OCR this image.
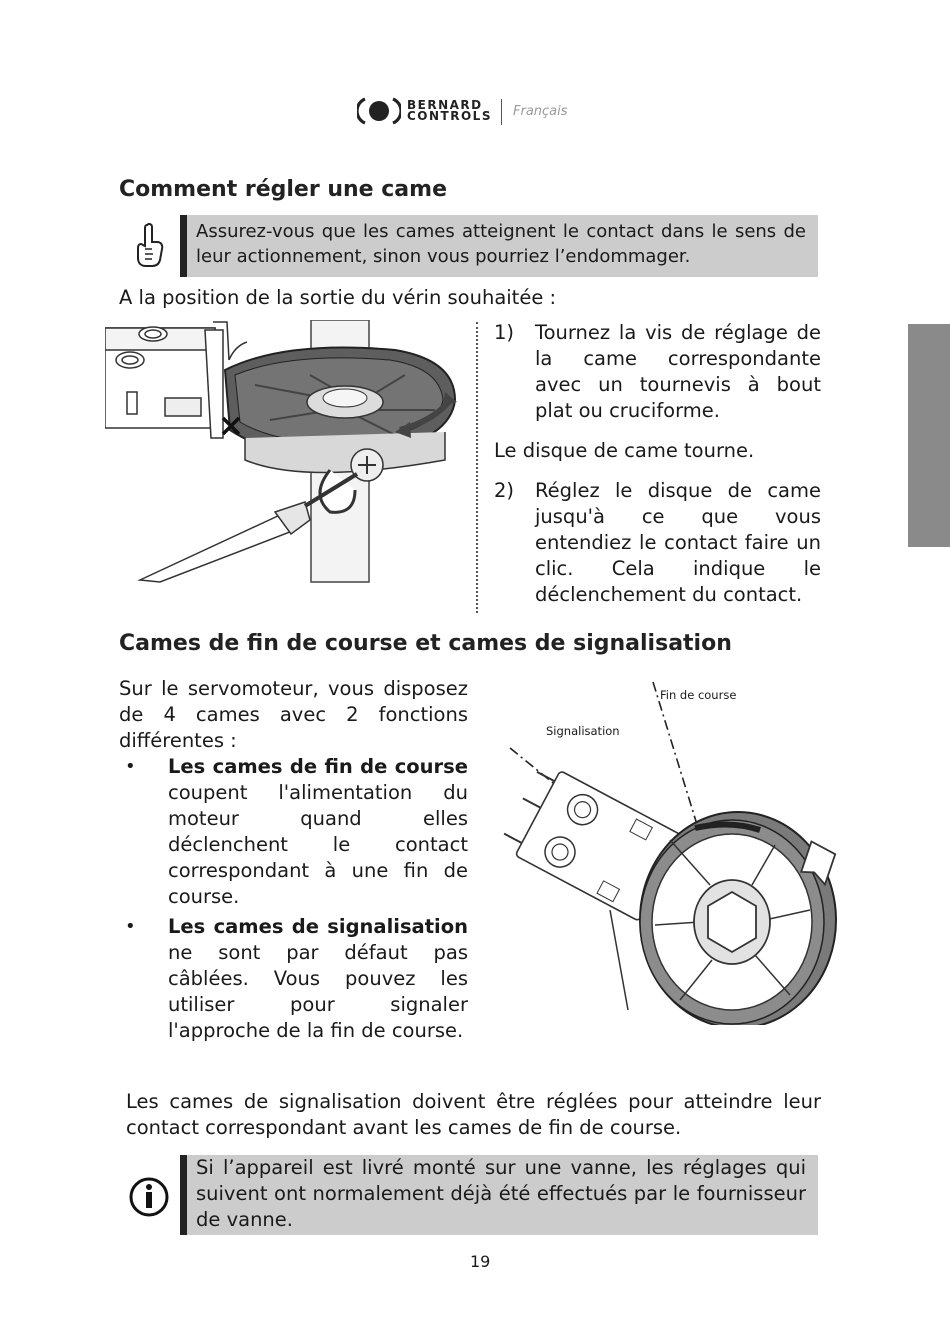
BERNARD
CONTROLS Français
Comment régler une came
Assurez-vous que les cames atteignent le contact dans le sens de leur actionnement, sinon vous pourriez l’endommager.
A la position de la sortie du vérin souhaitée :
1) Tournez la vis de réglage de la came correspondante avec un tournevis à bout plat ou cruciforme.
Le disque de came tourne.
2) Réglez le disque de came jusqu'à ce que vous entendiez le contact faire un clic. Cela indique le déclenchement du contact.
Cames de fin de course et cames de signalisation
Sur le servomoteur, vous disposez de 4 cames avec 2 fonctions différentes :
• Les cames de fin de course coupent l'alimentation du moteur quand elles déclenchent le contact correspondant à une fin de course.
• Les cames de signalisation ne sont par défaut pas câblées. Vous pouvez les utiliser pour signaler l'approche de la fin de course.
Fin de course
Signalisation
Les cames de signalisation doivent être réglées pour atteindre leur contact correspondant avant les cames de fin de course.
Si l’appareil est livré monté sur une vanne, les réglages qui suivent ont normalement déjà été effectués par le fournisseur de vanne.
19
